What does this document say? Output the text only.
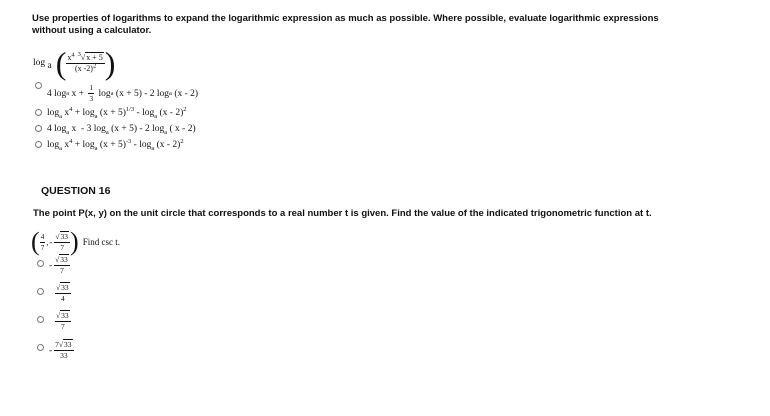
Use properties of logarithms to expand the logarithmic expression as much as possible. Where possible, evaluate logarithmic expressions
without using a calculator.
log
a ( $\frac{x^4 ^3√x + 5}{(x -2)^2}$ )
4 log a $x + \frac{1}{3}$ log a (x + 5) - 2 log a (x - 2)
$\log_a x^4 + \log_a (x + 5)^{1/3} - \log_a (x - 2)^2$
4 $\log_a x - 3$ $\log_a (x + 5) - 2$ $\log_a$ ( x - 2)
$\log_a x^4 + \log_a (x + 5)^{-3} - \log_a (x - 2)^2$
QUESTION 16
The point P(x, y) on the unit circle that corresponds to a real number t is given. Find the value of the indicated trigonometric function at t.
( $\frac{4}{7}$ , - $\frac{√33}{7}$ ) Find csc t.
- $\frac{√33}{7}$
$\frac{√33}{4}$
$\frac{√33}{7}$
- $\frac{7√33}{33}$
